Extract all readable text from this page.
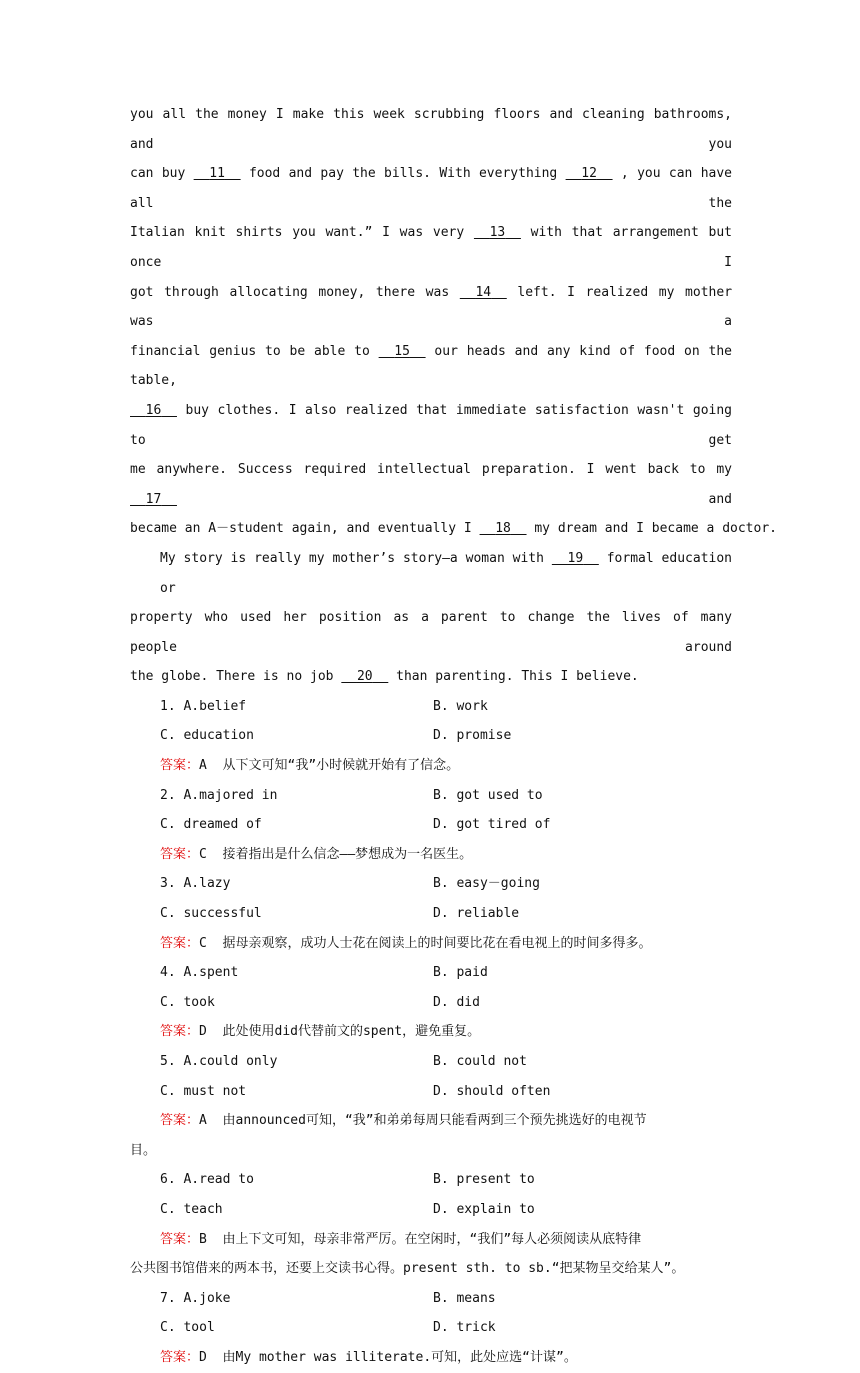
you all the money I make this week scrubbing floors and cleaning bathrooms, and you
can buy 11 food and pay the bills. With everything 12 , you can have all the
Italian knit shirts you want.” I was very 13 with that arrangement but once I
got through allocating money, there was 14 left. I realized my mother was a
financial genius to be able to 15 our heads and any kind of food on the table,
16 buy clothes. I also realized that immediate satisfaction wasn't going to get
me anywhere. Success required intellectual preparation. I went back to my   17	and
became an A－student again, and eventually I 18   my dream and I became a doctor.
My story is really my mother’s story—a woman with 19 formal education or
property who used her position as a parent to change the lives of many people around
the globe. There is no job 20 than parenting. This I believe.
1. A.belief	B. work
C. education	D. promise
答案：A 从下文可知“我”小时候就开始有了信念。
2. A.majored in	B. got used to
C. dreamed of	D. got tired of
答案：C 接着指出是什么信念——梦想成为一名医生。
3. A.lazy	B. easy－going
C. successful	D. reliable
答案：C 据母亲观察，成功人士花在阅读上的时间要比花在看电视上的时间多得多。
4. A.spent	B. paid
C. took	D. did
答案：D 此处使用did代替前文的spent，避免重复。
5. A.could only	B. could not
C. must not	D. should often
答案：A 由announced可知，“我”和弟弟每周只能看两到三个预先挑选好的电视节
目。
6. A.read to	B. present to
C. teach	D. explain to
答案：B 由上下文可知，母亲非常严厉。在空闲时，“我们”每人必须阅读从底特律
公共图书馆借来的两本书，还要上交读书心得。present sth. to sb.“把某物呈交给某人”。
7. A.joke	B. means
C. tool	D. trick
答案：D 由My mother was illiterate.可知，此处应选“计谋”。
